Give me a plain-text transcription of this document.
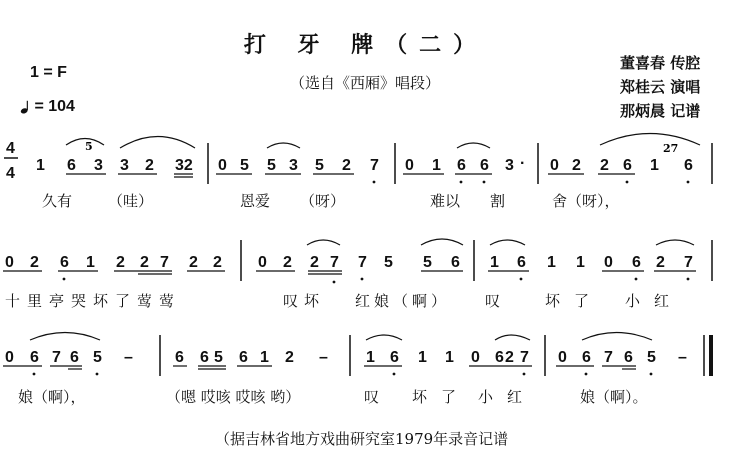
打 牙 牌（二）
（选自《西厢》唱段）
董喜春 传腔
郑桂云 演唱
那炳晨 记谱
1 = F
= 104
4
4 1 6
5
3 3 2 32 0 5 5 3 5 2 7 0 1 6 6 3 · 0 2 2 6 1
27
6
0 2 6 1 2 2 7 2 2 0 2 2 7 7 5 5 6 1 6 1 1 0 6 2 7
0 6 7 6 5 –	6 6 5 6 1 2 – 1 6 1 1 0 6 2 7 0 6 7 6 5 –
久有 （哇）	恩爱 （呀）	难以 割	舍（呀），
十里亭哭坏了莺莺	叹坏 红娘（啊） 叹	坏了 小红
娘（啊），	（嗯 哎咳 哎咳 哟）	叹 坏了 小红	娘（啊）。
（据吉林省地方戏曲研究室1979年录音记谱
